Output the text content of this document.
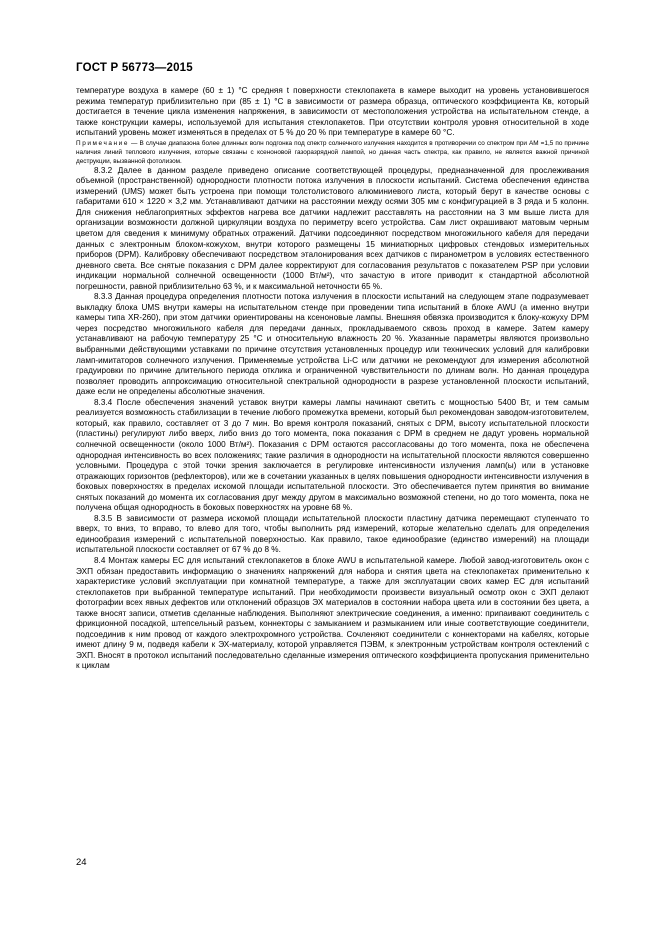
ГОСТ Р 56773—2015

температуре воздуха в камере (60 ± 1) °С средняя t поверхности стеклопакета в камере выходит на уровень установившегося режима температур приблизительно при (85 ± 1) °С в зависимости от размера образца, оптического коэффициента Кв, который достигается в течение цикла изменения напряжения, в зависимости от местоположения устройства на испытательном стенде, а также конструкции камеры, используемой для испытания стеклопакетов. При отсутствии контроля уровня относительной в ходе испытаний уровень может изменяться в пределах от 5 % до 20 % при температуре в камере 60 °С.

Примечание — В случае диапазона более длинных волн подгонка под спектр солнечного излучения находится в противоречии со спектром при АМ =1,5 по причине наличия линий теплового излучения, которые связаны с ксеноновой газоразрядной лампой, но данная часть спектра, как правило, не является важной причиной деструкции, вызванной фотолизом.

8.3.2 Далее в данном разделе приведено описание соответствующей процедуры, предназначенной для прослеживания объемной (пространственной) однородности плотности потока излучения в плоскости испытаний. Система обеспечения единства измерений (UMS) может быть устроена при помощи толстолистового алюминиевого листа, который берут в качестве основы с габаритами 610 × 1220 × 3,2 мм. Устанавливают датчики на расстоянии между осями 305 мм с конфигурацией в 3 ряда и 5 колонн. Для снижения неблагоприятных эффектов нагрева все датчики надлежит расставлять на расстоянии на 3 мм выше листа для организации возможности должной циркуляции воздуха по периметру всего устройства. Сам лист окрашивают матовым черным цветом для сведения к минимуму обратных отражений. Датчики подсоединяют посредством многожильного кабеля для передачи данных с электронным блоком-кожухом, внутри которого размещены 15 миниатюрных цифровых стендовых измерительных приборов (DPM). Калибровку обеспечивают посредством эталонирования всех датчиков с пиранометром в условиях естественного дневного света. Все снятые показания с DPM далее корректируют для согласования результатов с показателем PSP при условии индикации нормальной солнечной освещенности (1000 Вт/м²), что зачастую в итоге приводит к стандартной абсолютной погрешности, равной приблизительно 63 %, и к максимальной неточности 65 %.

8.3.3 Данная процедура определения плотности потока излучения в плоскости испытаний на следующем этапе подразумевает выкладку блока UMS внутри камеры на испытательном стенде при проведении типа испытаний в блоке AWU (а именно внутри камеры типа ХR-260), при этом датчики ориентированы на ксеноновые лампы. Внешняя обвязка производится к блоку-кожуху DPM через посредство многожильного кабеля для передачи данных, прокладываемого сквозь проход в камере. Затем камеру устанавливают на рабочую температуру 25 °С и относительную влажность 20 %. Указанные параметры являются произвольно выбранными действующими уставками по причине отсутствия установленных процедур или технических условий для калибровки ламп-имитаторов солнечного излучения. Применяемые устройства Li-C или датчики не рекомендуют для измерения абсолютной градуировки по причине длительного периода отклика и ограниченной чувствительности по длинам волн. Но данная процедура позволяет проводить аппроксимацию относительной спектральной однородности в разрезе установленной плоскости испытаний, даже если не определены абсолютные значения.

8.3.4 После обеспечения значений уставок внутри камеры лампы начинают светить с мощностью 5400 Вт, и тем самым реализуется возможность стабилизации в течение любого промежутка времени, который был рекомендован заводом-изготовителем, который, как правило, составляет от 3 до 7 мин. Во время контроля показаний, снятых с DPM, высоту испытательной плоскости (пластины) регулируют либо вверх, либо вниз до того момента, пока показания с DPM в среднем не дадут уровень нормальной солнечной освещенности (около 1000 Вт/м²). Показания с DPM остаются рассогласованы до того момента, пока не обеспечена однородная интенсивность во всех положениях; такие различия в однородности на испытательной плоскости являются совершенно условными. Процедура с этой точки зрения заключается в регулировке интенсивности излучения ламп(ы) или в установке отражающих горизонтов (рефлекторов), или же в сочетании указанных в целях повышения однородности интенсивности излучения в боковых поверхностях в пределах искомой площади испытательной плоскости. Это обеспечивается путем принятия во внимание снятых показаний до момента их согласования друг между другом в максимально возможной степени, но до того момента, пока не получена общая однородность в боковых поверхностях на уровне 68 %.

8.3.5 В зависимости от размера искомой площади испытательной плоскости пластину датчика перемещают ступенчато то вверх, то вниз, то вправо, то влево для того, чтобы выполнить ряд измерений, которые желательно сделать для определения единообразия измерений с испытательной поверхностью. Как правило, такое единообразие (единство измерений) на площади испытательной плоскости составляет от 67 % до 8 %.

8.4 Монтаж камеры ЕС для испытаний стеклопакетов в блоке AWU в испытательной камере. Любой завод-изготовитель окон с ЭХП обязан предоставить информацию о значениях напряжений для набора и снятия цвета на стеклопакетах применительно к характеристике условий эксплуатации при комнатной температуре, а также для эксплуатации своих камер ЕС для испытаний стеклопакетов при выбранной температуре испытаний. При необходимости произвести визуальный осмотр окон с ЭХП делают фотографии всех явных дефектов или отклонений образцов ЭХ материалов в состоянии набора цвета или в состоянии без цвета, а также вносят записи, отметив сделанные наблюдения. Выполняют электрические соединения, а именно: припаивают соединитель с фрикционной посадкой, штепсельный разъем, коннекторы с замыканием и размыканием или иные соответствующие соединители, подсоединив к ним провод от каждого электрохромного устройства. Сочленяют соединители с коннекторами на кабелях, которые имеют длину 9 м, подведя кабели к ЭХ-материалу, которой управляется ПЭВМ, к электронным устройствам контроля остеклений с ЭХП. Вносят в протокол испытаний последовательно сделанные измерения оптического коэффициента пропускания применительно к циклам

24
